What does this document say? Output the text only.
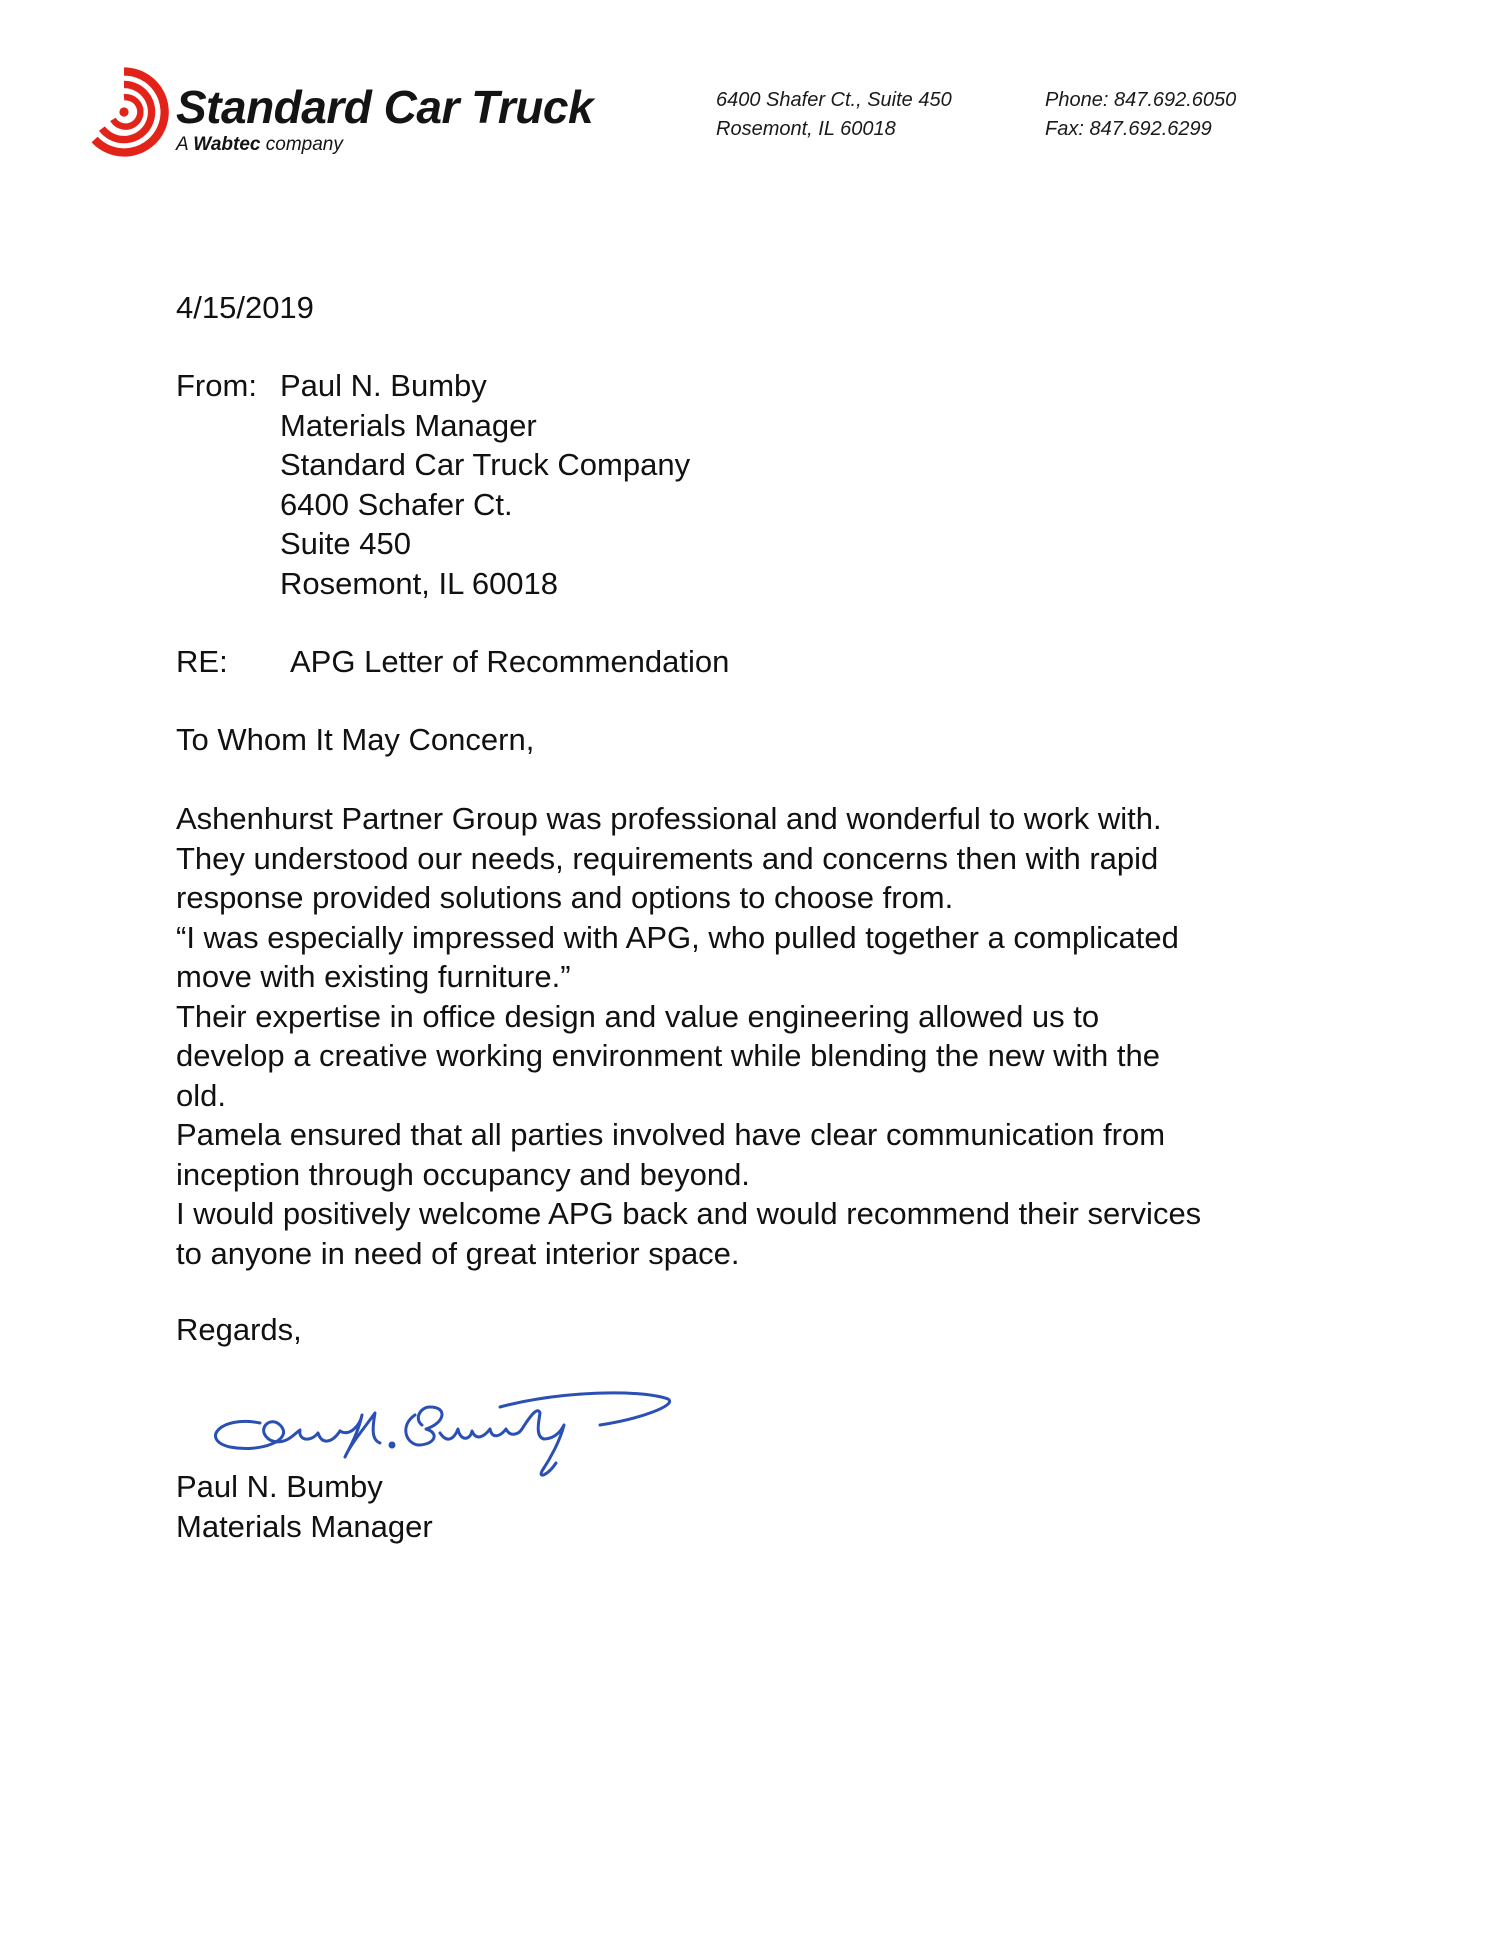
Standard Car Truck
A Wabtec company
6400 Shafer Ct., Suite 450
Rosemont, IL 60018
Phone: 847.692.6050
Fax: 847.692.6299
4/15/2019
From: Paul N. Bumby
Materials Manager
Standard Car Truck Company
6400 Schafer Ct.
Suite 450
Rosemont, IL 60018
RE: APG Letter of Recommendation
To Whom It May Concern,
Ashenhurst Partner Group was professional and wonderful to work with.
They understood our needs, requirements and concerns then with rapid
response provided solutions and options to choose from.
“I was especially impressed with APG, who pulled together a complicated
move with existing furniture.”
Their expertise in office design and value engineering allowed us to
develop a creative working environment while blending the new with the
old.
Pamela ensured that all parties involved have clear communication from
inception through occupancy and beyond.
I would positively welcome APG back and would recommend their services
to anyone in need of great interior space.
Regards,
Paul N. Bumby
Materials Manager
